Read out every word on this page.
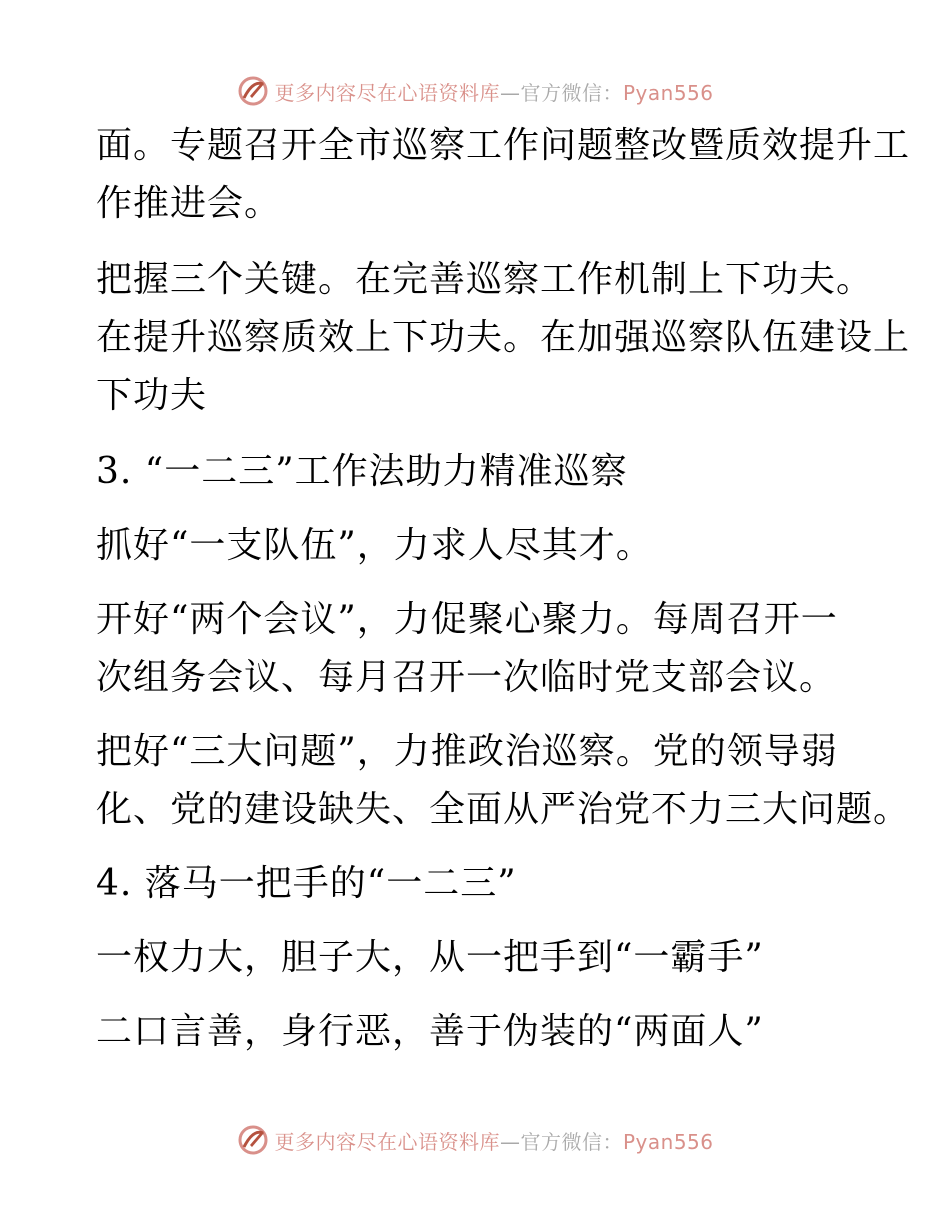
更多内容尽在心语资料库—官方微信：Pyan556
面。专题召开全市巡察工作问题整改暨质效提升工
作推进会。
把握三个关键。在完善巡察工作机制上下功夫。
在提升巡察质效上下功夫。在加强巡察队伍建设上
下功夫
3. “一二三”工作法助力精准巡察
抓好“一支队伍”，力求人尽其才。
开好“两个会议”，力促聚心聚力。每周召开一
次组务会议、每月召开一次临时党支部会议。
把好“三大问题”，力推政治巡察。党的领导弱
化、党的建设缺失、全面从严治党不力三大问题。
4. 落马一把手的“一二三”
一权力大，胆子大，从一把手到“一霸手”
二口言善，身行恶，善于伪装的“两面人”
更多内容尽在心语资料库—官方微信：Pyan556
